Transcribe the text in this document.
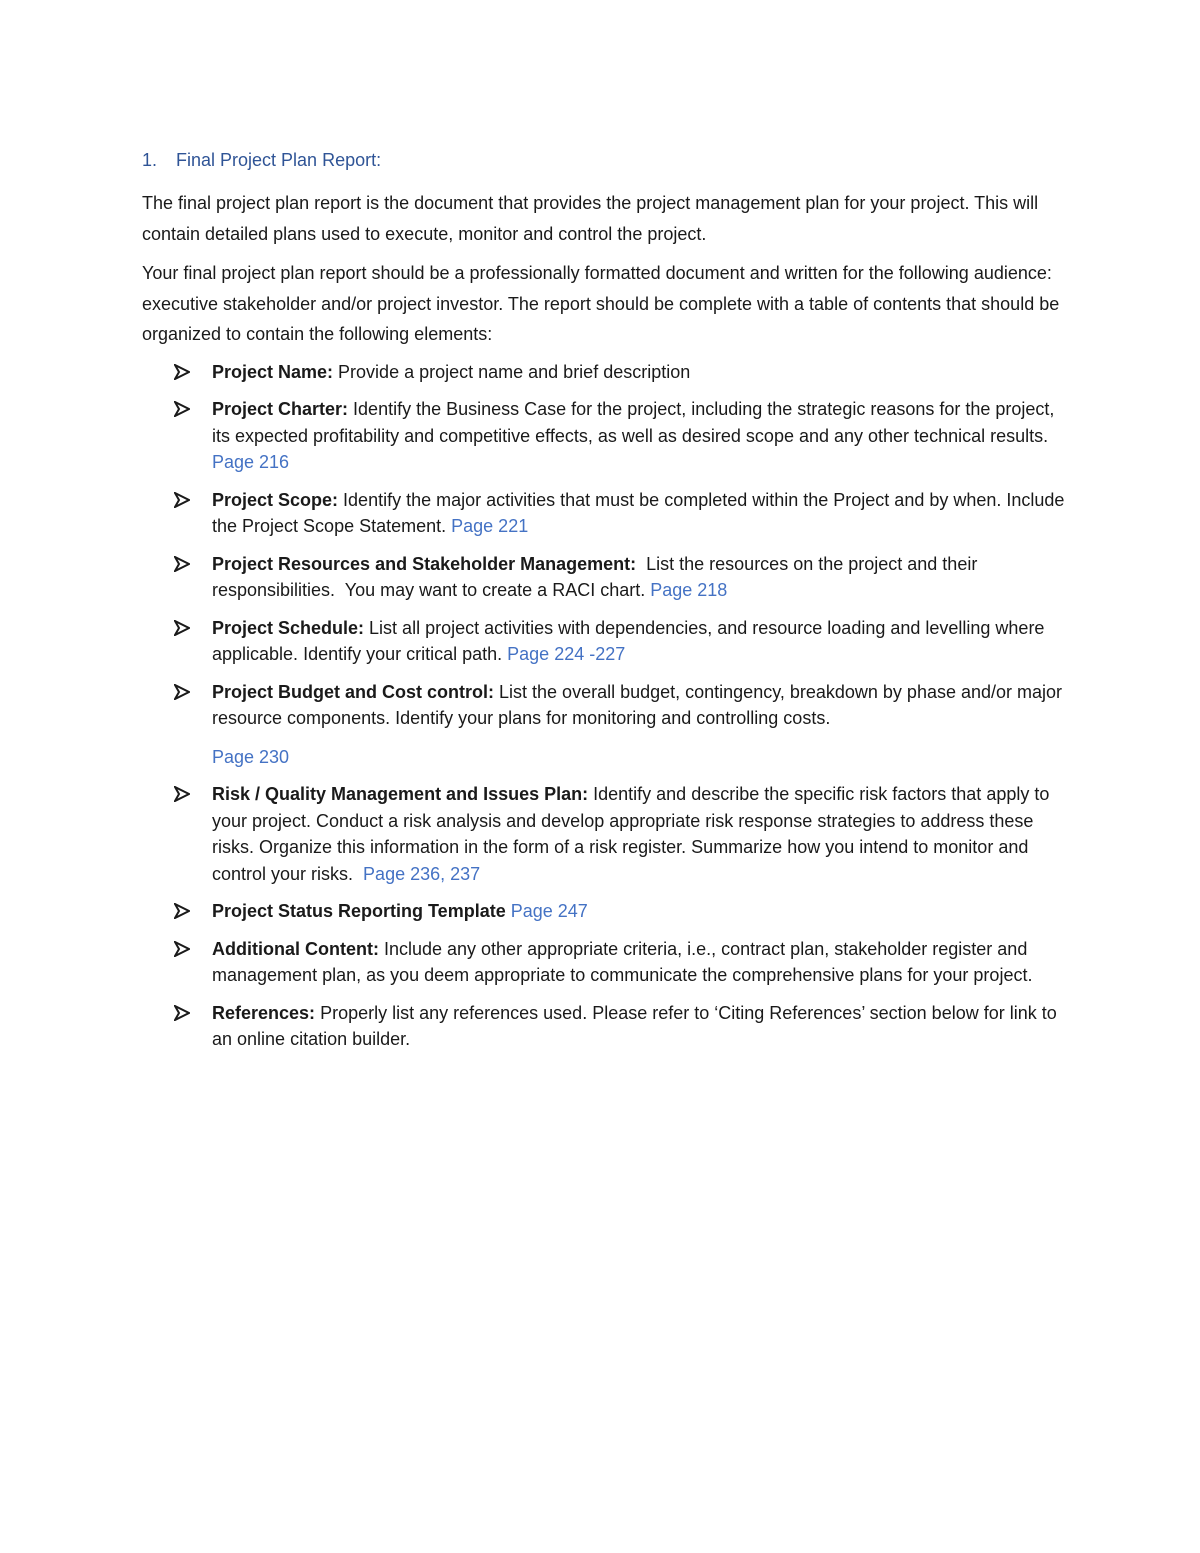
1. Final Project Plan Report:

The final project plan report is the document that provides the project management plan for your project. This will contain detailed plans used to execute, monitor and control the project.

Your final project plan report should be a professionally formatted document and written for the following audience: executive stakeholder and/or project investor. The report should be complete with a table of contents that should be organized to contain the following elements:

Project Name: Provide a project name and brief description
Project Charter: Identify the Business Case for the project, including the strategic reasons for the project, its expected profitability and competitive effects, as well as desired scope and any other technical results.  Page 216
Project Scope: Identify the major activities that must be completed within the Project and by when. Include the Project Scope Statement. Page 221
Project Resources and Stakeholder Management:  List the resources on the project and their responsibilities.  You may want to create a RACI chart. Page 218
Project Schedule: List all project activities with dependencies, and resource loading and levelling where applicable. Identify your critical path. Page 224 -227
Project Budget and Cost control: List the overall budget, contingency, breakdown by phase and/or major resource components. Identify your plans for monitoring and controlling costs.
Page 230
Risk / Quality Management and Issues Plan: Identify and describe the specific risk factors that apply to your project. Conduct a risk analysis and develop appropriate risk response strategies to address these risks. Organize this information in the form of a risk register. Summarize how you intend to monitor and control your risks.  Page 236, 237
Project Status Reporting Template Page 247
Additional Content: Include any other appropriate criteria, i.e., contract plan, stakeholder register and management plan, as you deem appropriate to communicate the comprehensive plans for your project.
References: Properly list any references used. Please refer to ‘Citing References’ section below for link to an online citation builder.
